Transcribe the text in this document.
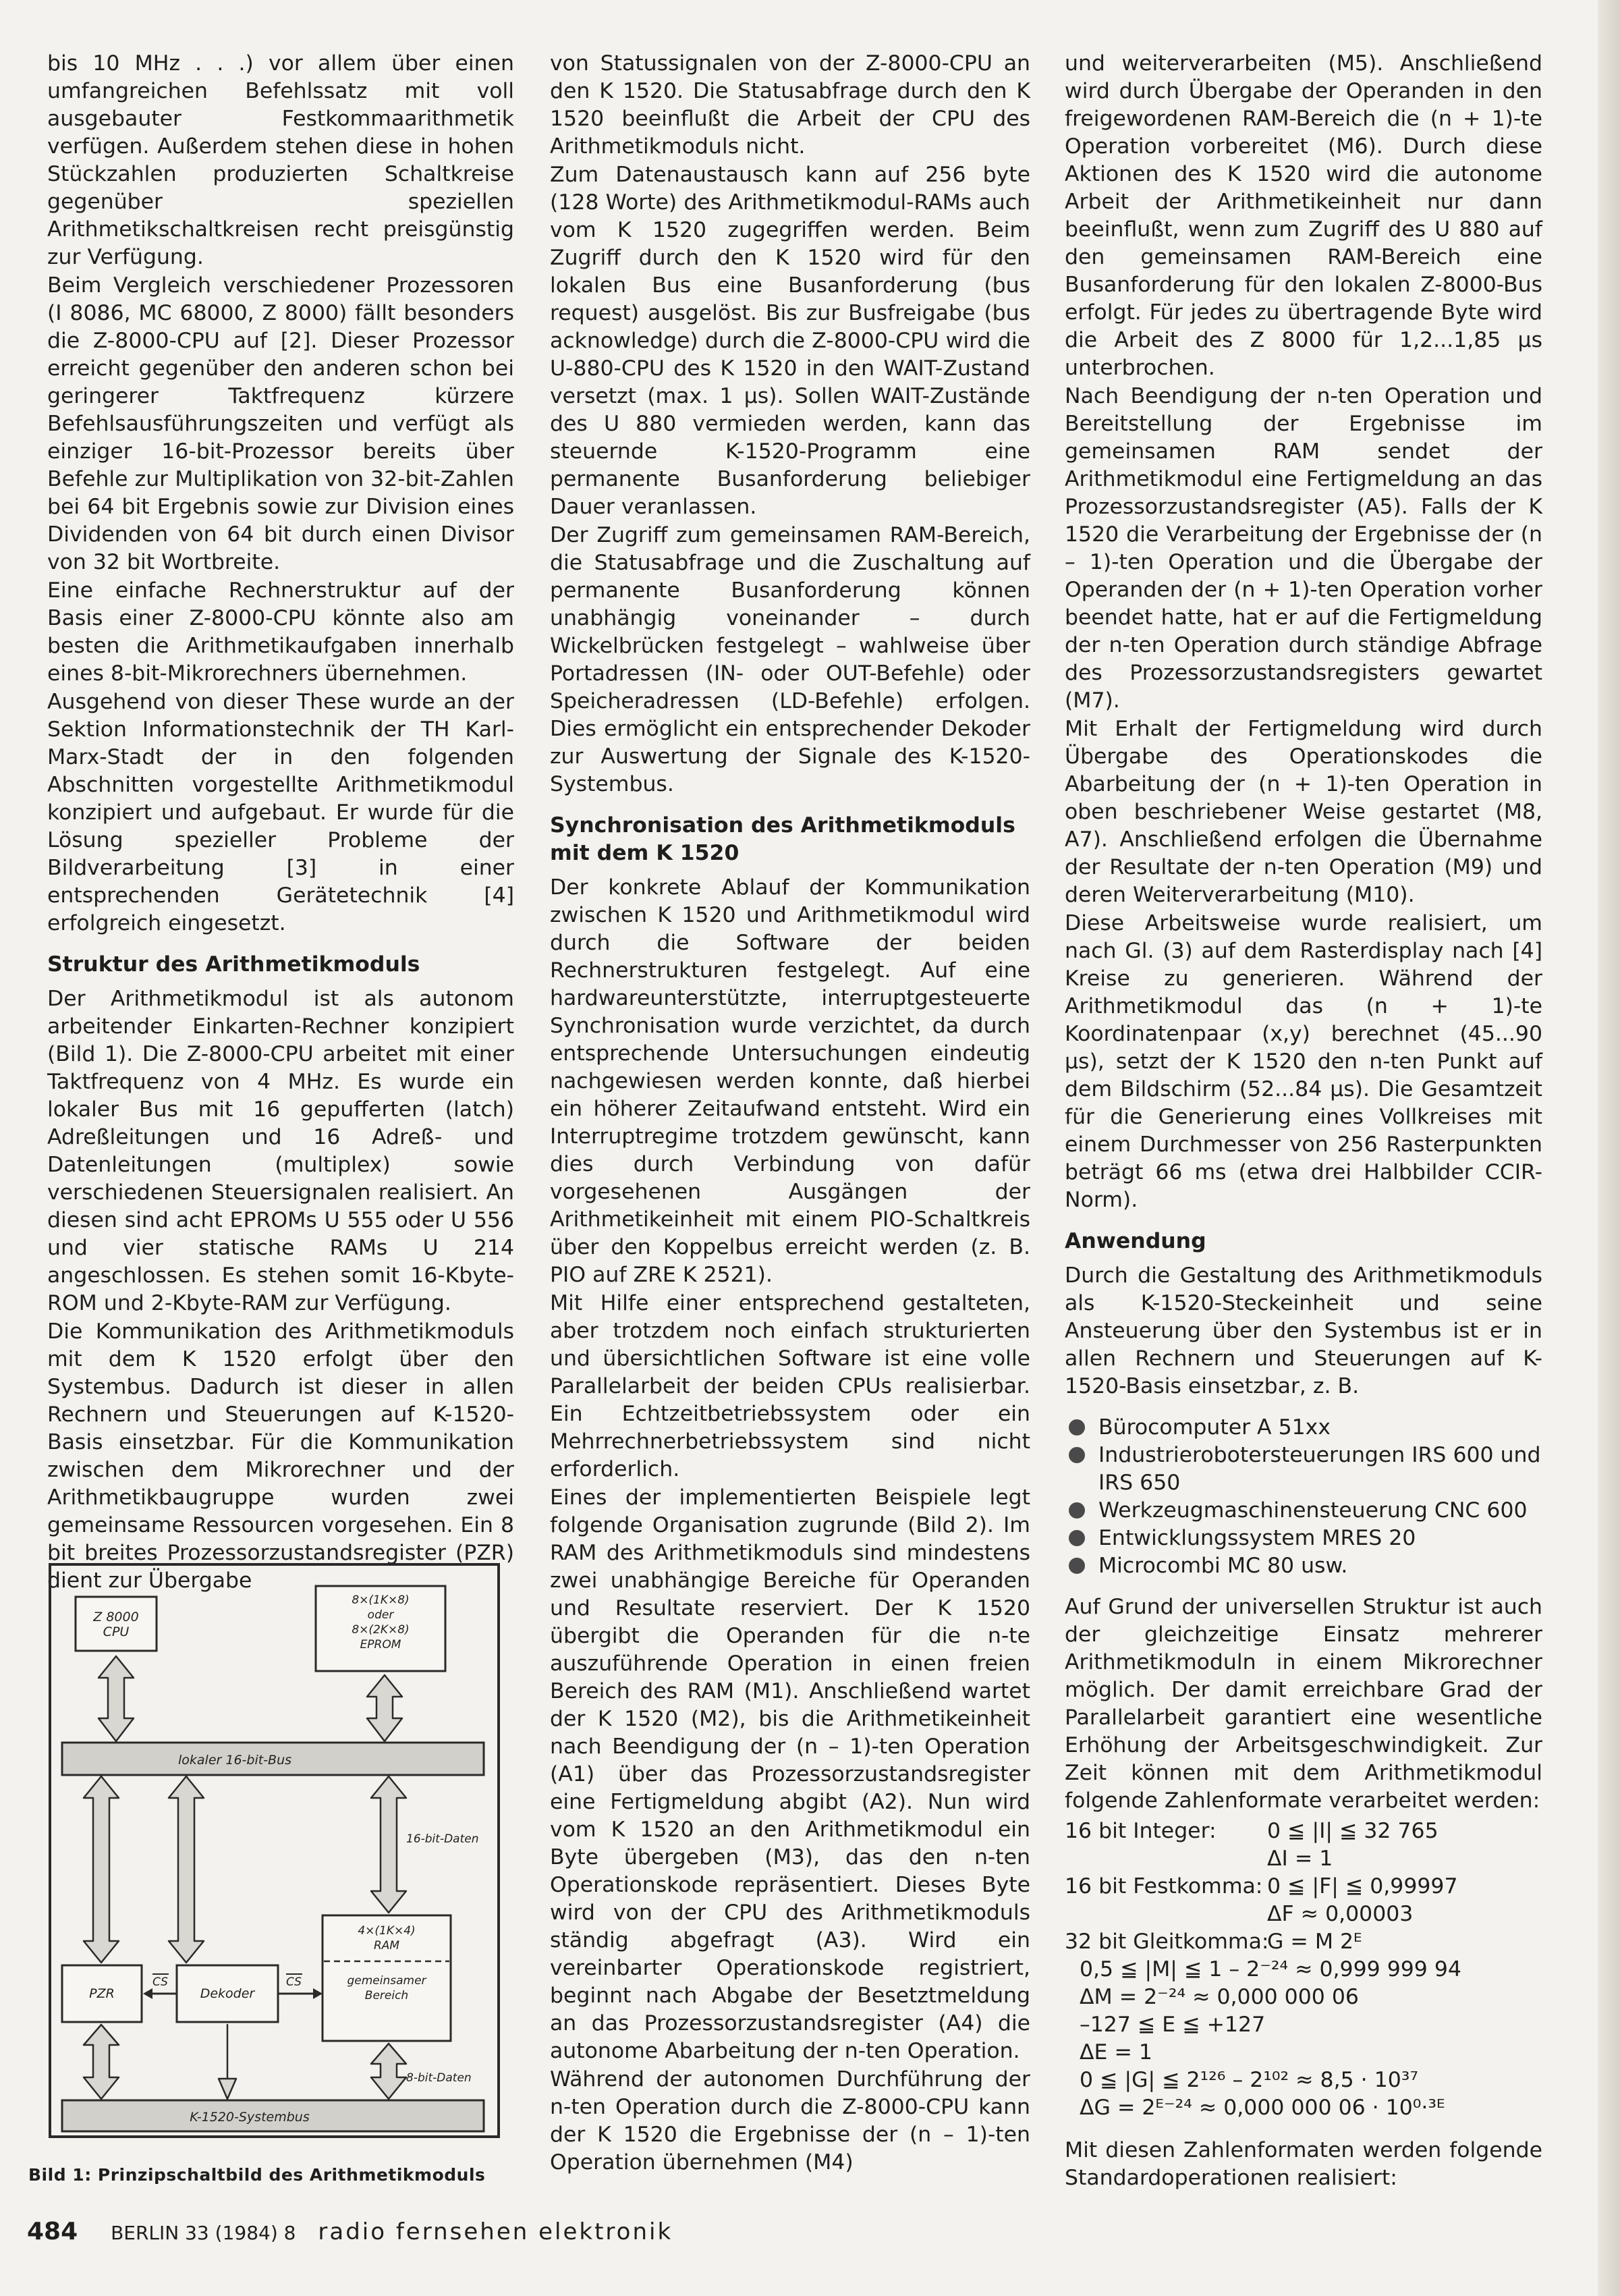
bis 10 MHz . . .) vor allem über einen umfangreichen Befehlssatz mit voll ausgebauter Festkommaarithmetik verfügen. Außerdem stehen diese in hohen Stückzahlen produzierten Schaltkreise gegenüber speziellen Arithmetikschaltkreisen recht preisgünstig zur Verfügung.

Beim Vergleich verschiedener Prozessoren (I 8086, MC 68000, Z 8000) fällt besonders die Z-8000-CPU auf [2]. Dieser Prozessor erreicht gegenüber den anderen schon bei geringerer Taktfrequenz kürzere Befehlsausführungszeiten und verfügt als einziger 16-bit-Prozessor bereits über Befehle zur Multiplikation von 32-bit-Zahlen bei 64 bit Ergebnis sowie zur Division eines Dividenden von 64 bit durch einen Divisor von 32 bit Wortbreite.

Eine einfache Rechnerstruktur auf der Basis einer Z-8000-CPU könnte also am besten die Arithmetikaufgaben innerhalb eines 8-bit-Mikrorechners übernehmen.

Ausgehend von dieser These wurde an der Sektion Informationstechnik der TH Karl-Marx-Stadt der in den folgenden Abschnitten vorgestellte Arithmetikmodul konzipiert und aufgebaut. Er wurde für die Lösung spezieller Probleme der Bildverarbeitung [3] in einer entsprechenden Gerätetechnik [4] erfolgreich eingesetzt.

Struktur des Arithmetikmoduls

Der Arithmetikmodul ist als autonom arbeitender Einkarten-Rechner konzipiert (Bild 1). Die Z-8000-CPU arbeitet mit einer Taktfrequenz von 4 MHz. Es wurde ein lokaler Bus mit 16 gepufferten (latch) Adreßleitungen und 16 Adreß- und Datenleitungen (multiplex) sowie verschiedenen Steuersignalen realisiert. An diesen sind acht EPROMs U 555 oder U 556 und vier statische RAMs U 214 angeschlossen. Es stehen somit 16-Kbyte-ROM und 2-Kbyte-RAM zur Verfügung.

Die Kommunikation des Arithmetikmoduls mit dem K 1520 erfolgt über den Systembus. Dadurch ist dieser in allen Rechnern und Steuerungen auf K-1520-Basis einsetzbar. Für die Kommunikation zwischen dem Mikrorechner und der Arithmetikbaugruppe wurden zwei gemeinsame Ressourcen vorgesehen. Ein 8 bit breites Prozessorzustandsregister (PZR) dient zur Übergabe

Z 8000
CPU
8×(1K×8)
oder
8×(2K×8)
EPROM
lokaler 16-bit-Bus
16-bit-Daten
4×(1K×4)
RAM
gemeinsamer
Bereich
PZR	Dekoder
CS	CS
8-bit-Daten
K-1520-Systembus
Bild 1: Prinzipschaltbild des Arithmetikmoduls

von Statussignalen von der Z-8000-CPU an den K 1520. Die Statusabfrage durch den K 1520 beeinflußt die Arbeit der CPU des Arithmetikmoduls nicht.

Zum Datenaustausch kann auf 256 byte (128 Worte) des Arithmetikmodul-RAMs auch vom K 1520 zugegriffen werden. Beim Zugriff durch den K 1520 wird für den lokalen Bus eine Busanforderung (bus request) ausgelöst. Bis zur Busfreigabe (bus acknowledge) durch die Z-8000-CPU wird die U-880-CPU des K 1520 in den WAIT-Zustand versetzt (max. 1 µs). Sollen WAIT-Zustände des U 880 vermieden werden, kann das steuernde K-1520-Programm eine permanente Busanforderung beliebiger Dauer veranlassen.

Der Zugriff zum gemeinsamen RAM-Bereich, die Statusabfrage und die Zuschaltung auf permanente Busanforderung können unabhängig voneinander – durch Wickelbrücken festgelegt – wahlweise über Portadressen (IN- oder OUT-Befehle) oder Speicheradressen (LD-Befehle) erfolgen. Dies ermöglicht ein entsprechender Dekoder zur Auswertung der Signale des K-1520-Systembus.

Synchronisation des Arithmetikmoduls mit dem K 1520

Der konkrete Ablauf der Kommunikation zwischen K 1520 und Arithmetikmodul wird durch die Software der beiden Rechnerstrukturen festgelegt. Auf eine hardwareunterstützte, interruptgesteuerte Synchronisation wurde verzichtet, da durch entsprechende Untersuchungen eindeutig nachgewiesen werden konnte, daß hierbei ein höherer Zeitaufwand entsteht. Wird ein Interruptregime trotzdem gewünscht, kann dies durch Verbindung von dafür vorgesehenen Ausgängen der Arithmetikeinheit mit einem PIO-Schaltkreis über den Koppelbus erreicht werden (z. B. PIO auf ZRE K 2521).

Mit Hilfe einer entsprechend gestalteten, aber trotzdem noch einfach strukturierten und übersichtlichen Software ist eine volle Parallelarbeit der beiden CPUs realisierbar. Ein Echtzeitbetriebssystem oder ein Mehrrechnerbetriebssystem sind nicht erforderlich.

Eines der implementierten Beispiele legt folgende Organisation zugrunde (Bild 2). Im RAM des Arithmetikmoduls sind mindestens zwei unabhängige Bereiche für Operanden und Resultate reserviert. Der K 1520 übergibt die Operanden für die n-te auszuführende Operation in einen freien Bereich des RAM (M1). Anschließend wartet der K 1520 (M2), bis die Arithmetikeinheit nach Beendigung der (n – 1)-ten Operation (A1) über das Prozessorzustandsregister eine Fertigmeldung abgibt (A2). Nun wird vom K 1520 an den Arithmetikmodul ein Byte übergeben (M3), das den n-ten Operationskode repräsentiert. Dieses Byte wird von der CPU des Arithmetikmoduls ständig abgefragt (A3). Wird ein vereinbarter Operationskode registriert, beginnt nach Abgabe der Besetztmeldung an das Prozessorzustandsregister (A4) die autonome Abarbeitung der n-ten Operation.

Während der autonomen Durchführung der n-ten Operation durch die Z-8000-CPU kann der K 1520 die Ergebnisse der (n – 1)-ten Operation übernehmen (M4)

und weiterverarbeiten (M5). Anschließend wird durch Übergabe der Operanden in den freigewordenen RAM-Bereich die (n + 1)-te Operation vorbereitet (M6). Durch diese Aktionen des K 1520 wird die autonome Arbeit der Arithmetikeinheit nur dann beeinflußt, wenn zum Zugriff des U 880 auf den gemeinsamen RAM-Bereich eine Busanforderung für den lokalen Z-8000-Bus erfolgt. Für jedes zu übertragende Byte wird die Arbeit des Z 8000 für 1,2...1,85 µs unterbrochen.

Nach Beendigung der n-ten Operation und Bereitstellung der Ergebnisse im gemeinsamen RAM sendet der Arithmetikmodul eine Fertigmeldung an das Prozessorzustandsregister (A5). Falls der K 1520 die Verarbeitung der Ergebnisse der (n – 1)-ten Operation und die Übergabe der Operanden der (n + 1)-ten Operation vorher beendet hatte, hat er auf die Fertigmeldung der n-ten Operation durch ständige Abfrage des Prozessorzustandsregisters gewartet (M7).

Mit Erhalt der Fertigmeldung wird durch Übergabe des Operationskodes die Abarbeitung der (n + 1)-ten Operation in oben beschriebener Weise gestartet (M8, A7). Anschließend erfolgen die Übernahme der Resultate der n-ten Operation (M9) und deren Weiterverarbeitung (M10).

Diese Arbeitsweise wurde realisiert, um nach Gl. (3) auf dem Rasterdisplay nach [4] Kreise zu generieren. Während der Arithmetikmodul das (n + 1)-te Koordinatenpaar (x,y) berechnet (45...90 µs), setzt der K 1520 den n-ten Punkt auf dem Bildschirm (52...84 µs). Die Gesamtzeit für die Generierung eines Vollkreises mit einem Durchmesser von 256 Rasterpunkten beträgt 66 ms (etwa drei Halbbilder CCIR-Norm).

Anwendung

Durch die Gestaltung des Arithmetikmoduls als K-1520-Steckeinheit und seine Ansteuerung über den Systembus ist er in allen Rechnern und Steuerungen auf K-1520-Basis einsetzbar, z. B.

Bürocomputer A 51xx
Industrierobotersteuerungen IRS 600 und IRS 650
Werkzeugmaschinensteuerung CNC 600
Entwicklungssystem MRES 20
Microcombi MC 80 usw.

Auf Grund der universellen Struktur ist auch der gleichzeitige Einsatz mehrerer Arithmetikmoduln in einem Mikrorechner möglich. Der damit erreichbare Grad der Parallelarbeit garantiert eine wesentliche Erhöhung der Arbeitsgeschwindigkeit. Zur Zeit können mit dem Arithmetikmodul folgende Zahlenformate verarbeitet werden:

16 bit Integer: 0 ≦ |I| ≦ 32 765
ΔI = 1
16 bit Festkomma: 0 ≦ |F| ≦ 0,99997
ΔF ≈ 0,00003
32 bit Gleitkomma:G = M 2ᴱ
0,5 ≦ |M| ≦ 1 – 2⁻²⁴ ≈ 0,999 999 94
ΔM = 2⁻²⁴ ≈ 0,000 000 06
–127 ≦ E ≦ +127
ΔE = 1
0 ≦ |G| ≦ 2¹²⁶ – 2¹⁰² ≈ 8,5 · 10³⁷
ΔG = 2ᴱ⁻²⁴ ≈ 0,000 000 06 · 10⁰·³ᴱ

Mit diesen Zahlenformaten werden folgende Standardoperationen realisiert:

484 BERLIN 33 (1984) 8 radio fernsehen elektronik
